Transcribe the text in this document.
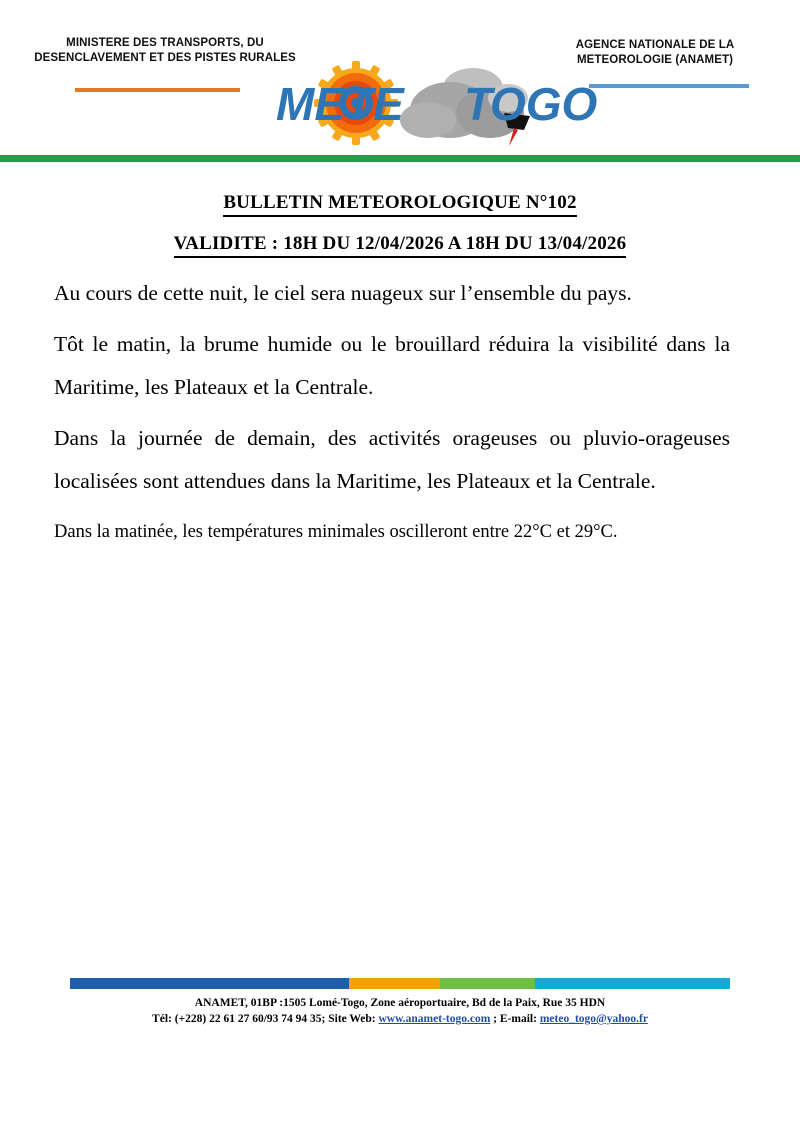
MINISTERE DES TRANSPORTS, DU DESENCLAVEMENT ET DES PISTES RURALES
AGENCE NATIONALE DE LA METEOROLOGIE (ANAMET)
METE T
OGO
BULLETIN METEOROLOGIQUE N°102
VALIDITE : 18H DU 12/04/2026 A 18H DU 13/04/2026

Au cours de cette nuit, le ciel sera nuageux sur l’ensemble du pays.

Tôt le matin, la brume humide ou le brouillard réduira la visibilité dans la Maritime, les Plateaux et la Centrale.

Dans la journée de demain, des activités orageuses ou pluvio-orageuses localisées sont attendues dans la Maritime, les Plateaux et la Centrale.

Dans la matinée, les températures minimales oscilleront entre 22°C et 29°C.

ANAMET, 01BP :1505 Lomé-Togo, Zone aéroportuaire, Bd de la Paix, Rue 35 HDN
Tél: (+228) 22 61 27 60/93 74 94 35; Site Web: www.anamet-togo.com ; E-mail: meteo_togo@yahoo.fr
